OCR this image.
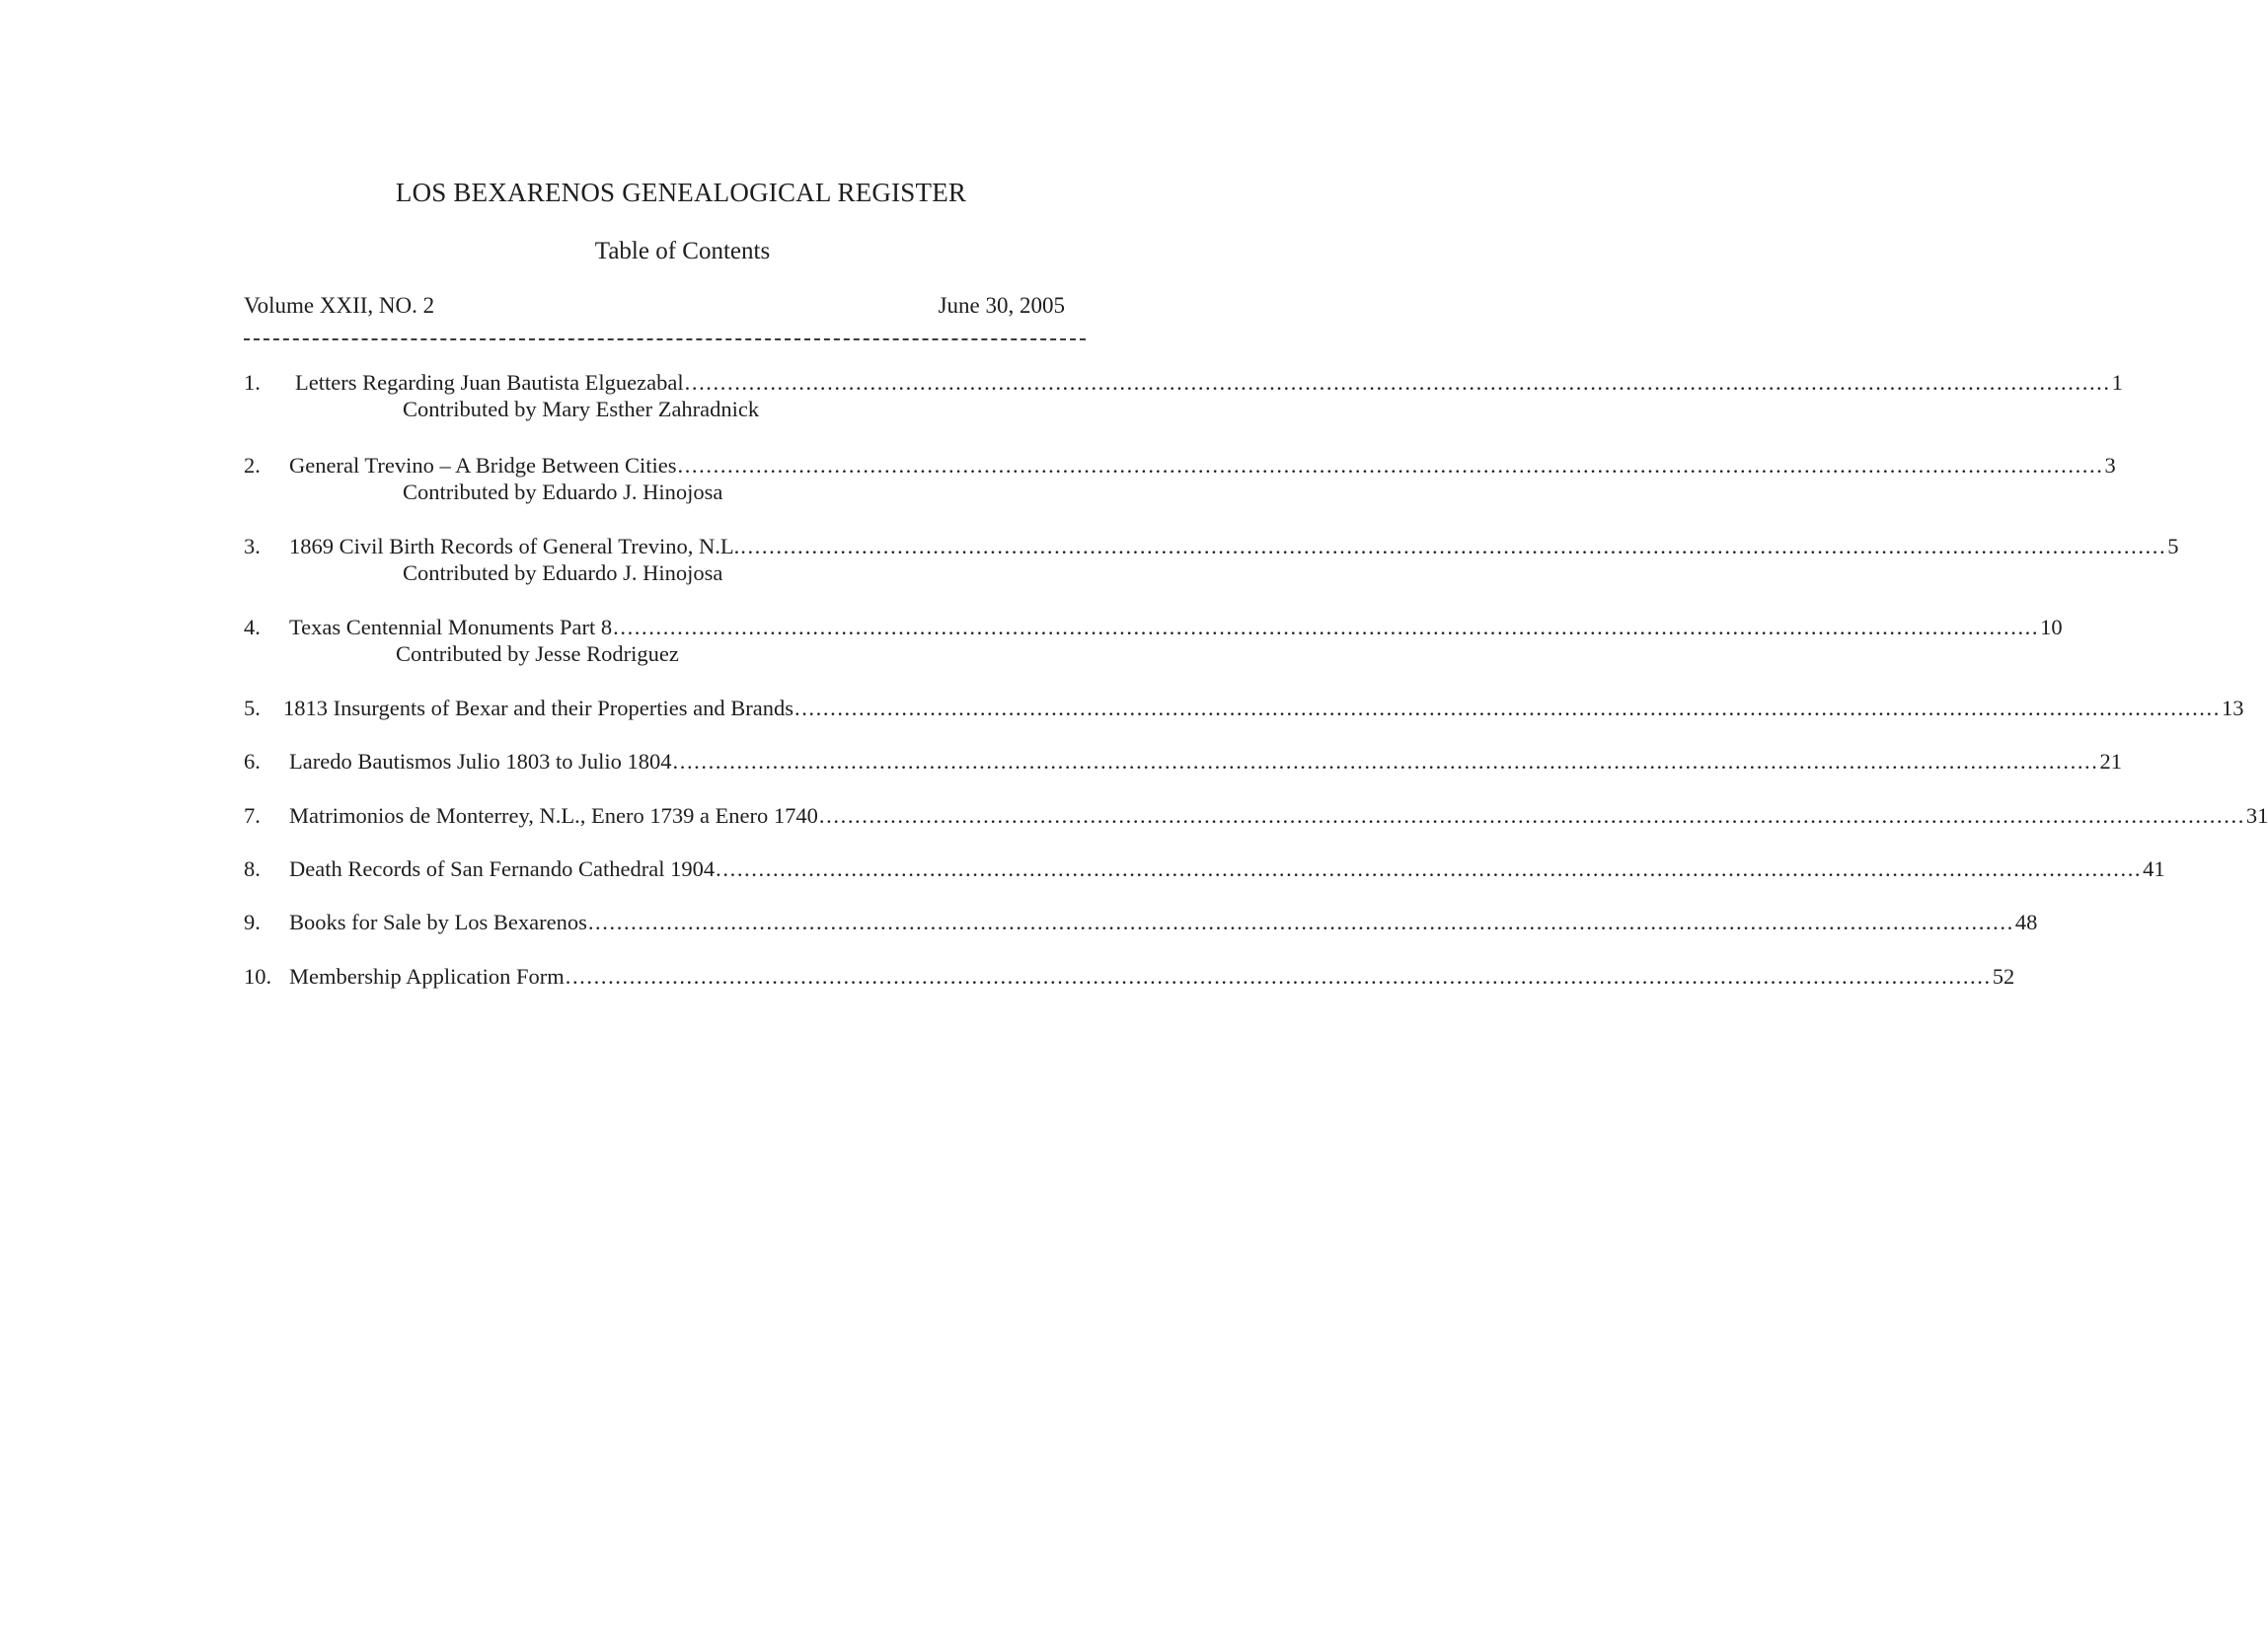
LOS BEXARENOS GENEALOGICAL REGISTER
Table of Contents
Volume XXII, NO. 2	June 30, 2005
1. Letters Regarding Juan Bautista Elguezabal ........................................................................................................................................................................................................ 1
Contributed by Mary Esther Zahradnick
2. General Trevino – A Bridge Between Cities ........................................................................................................................................................................................................ 3
Contributed by Eduardo J. Hinojosa
3. 1869 Civil Birth Records of General Trevino, N.L. ........................................................................................................................................................................................................ 5
Contributed by Eduardo J. Hinojosa
4. Texas Centennial Monuments Part 8 ........................................................................................................................................................................................................ 10
Contributed by Jesse Rodriguez
5. 1813 Insurgents of Bexar and their Properties and Brands ........................................................................................................................................................................................................ 13
6. Laredo Bautismos Julio 1803 to Julio 1804 ........................................................................................................................................................................................................ 21
7. Matrimonios de Monterrey, N.L., Enero 1739 a Enero 1740 ........................................................................................................................................................................................................ 31
8. Death Records of San Fernando Cathedral 1904 ........................................................................................................................................................................................................ 41
9. Books for Sale by Los Bexarenos ........................................................................................................................................................................................................ 48
10. Membership Application Form ........................................................................................................................................................................................................ 52
